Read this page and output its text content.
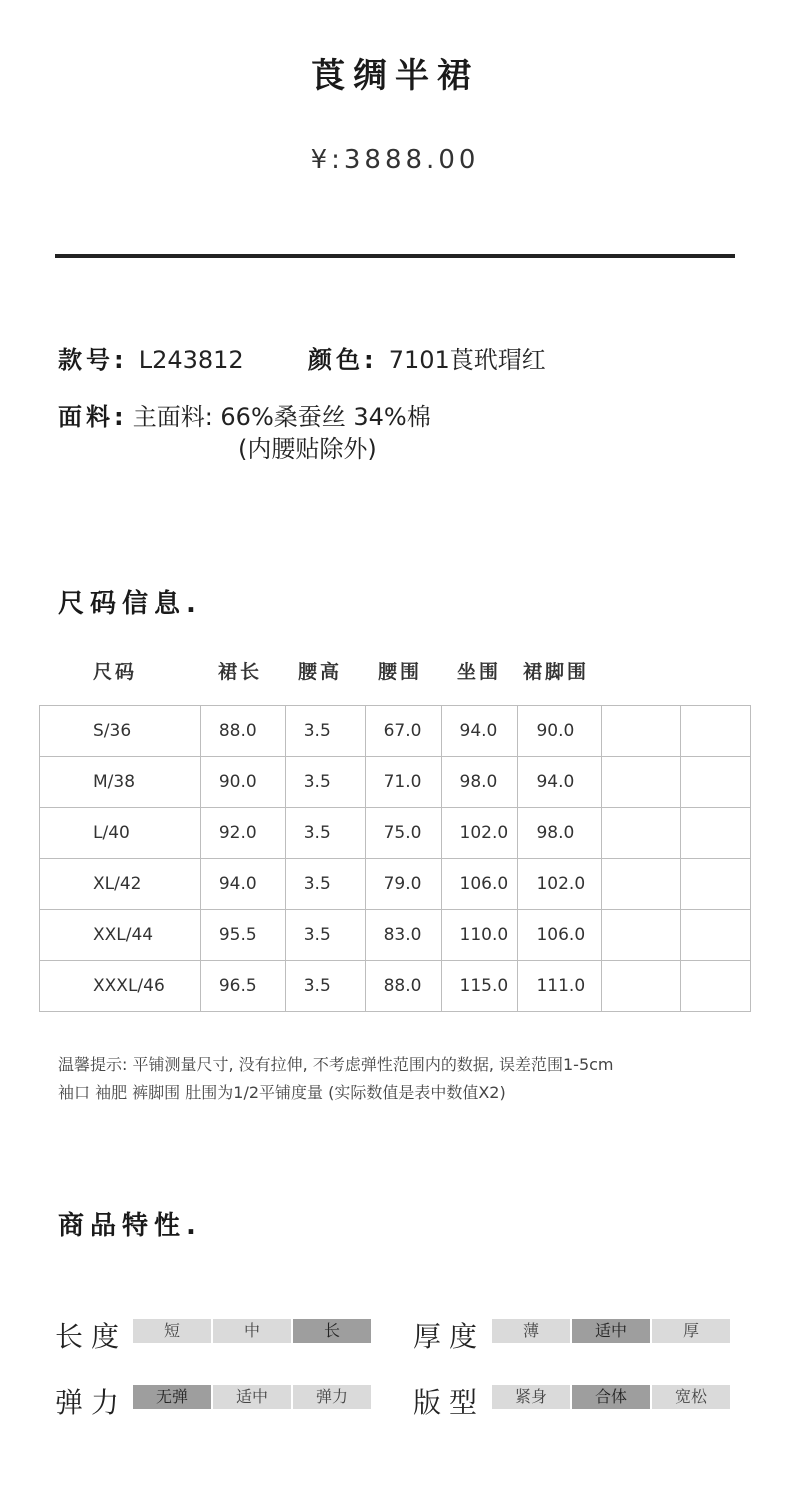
莨绸半裙
¥:3888.00
款号: L243812	颜色: 7101莨玳瑁红
面料: 主面料: 66%桑蚕丝 34%棉
(内腰贴除外)
尺码信息.
尺码	裙长 腰高 腰围 坐围 裙脚围
S/36	88.0	3.5	67.0	94.0	90.0		
M/38	90.0	3.5	71.0	98.0	94.0		
L/40	92.0	3.5	75.0	102.0	98.0		
XL/42	94.0	3.5	79.0	106.0	102.0		
XXL/44	95.5	3.5	83.0	110.0	106.0		
XXXL/46	96.5	3.5	88.0	115.0	111.0		
温馨提示: 平铺测量尺寸, 没有拉伸, 不考虑弹性范围内的数据, 误差范围1-5cm
袖口 袖肥 裤脚围 肚围为1/2平铺度量 (实际数值是表中数值X2)
商品特性.
长度	短	中	长	厚度	薄	适中	厚
弹力	无弹	适中	弹力	版型	紧身	合体	宽松
